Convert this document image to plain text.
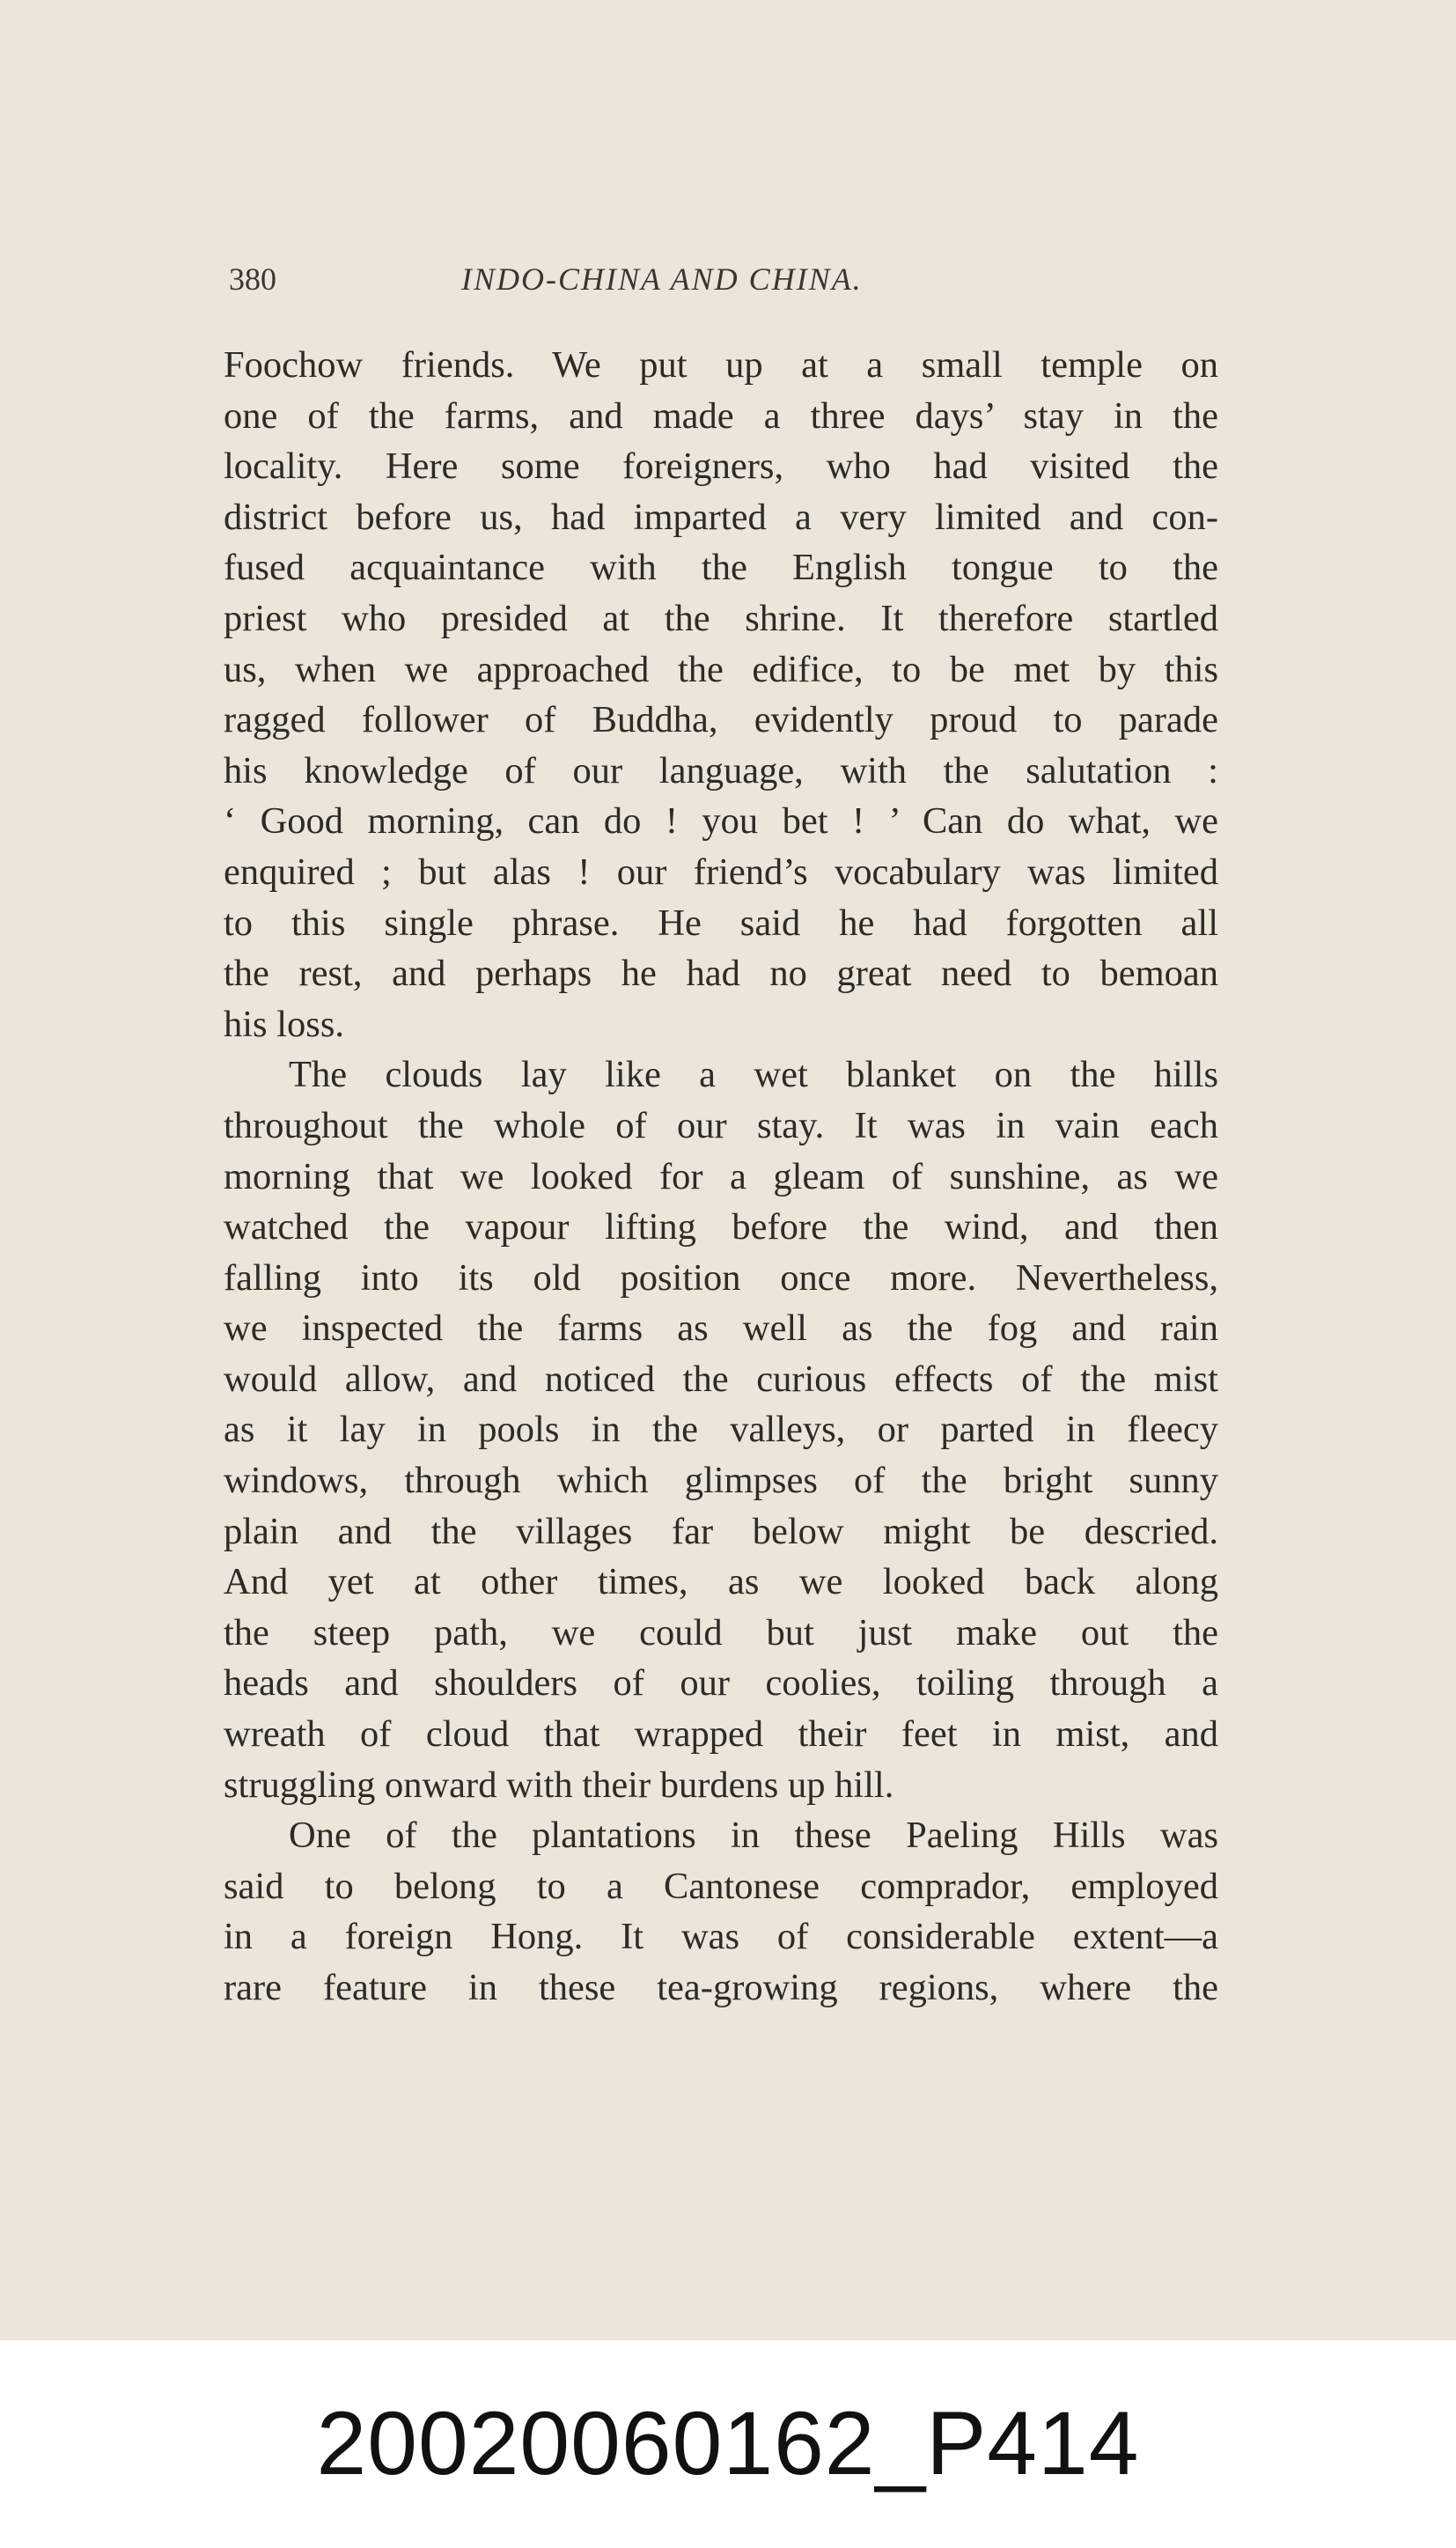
380	INDO-CHINA AND CHINA.

Foochow friends. We put up at a small temple on

one of the farms, and made a three days’ stay in the

locality. Here some foreigners, who had visited the

district before us, had imparted a very limited and con-

fused acquaintance with the English tongue to the

priest who presided at the shrine. It therefore startled

us, when we approached the edifice, to be met by this

ragged follower of Buddha, evidently proud to parade

his knowledge of our language, with the salutation :

‘ Good morning, can do ! you bet ! ’ Can do what, we

enquired ; but alas ! our friend’s vocabulary was limited

to this single phrase. He said he had forgotten all

the rest, and perhaps he had no great need to bemoan

his loss.

The clouds lay like a wet blanket on the hills

throughout the whole of our stay. It was in vain each

morning that we looked for a gleam of sunshine, as we

watched the vapour lifting before the wind, and then

falling into its old position once more. Nevertheless,

we inspected the farms as well as the fog and rain

would allow, and noticed the curious effects of the mist

as it lay in pools in the valleys, or parted in fleecy

windows, through which glimpses of the bright sunny

plain and the villages far below might be descried.

And yet at other times, as we looked back along

the steep path, we could but just make out the

heads and shoulders of our coolies, toiling through a

wreath of cloud that wrapped their feet in mist, and

struggling onward with their burdens up hill.

One of the plantations in these Paeling Hills was

said to belong to a Cantonese comprador, employed

in a foreign Hong. It was of considerable extent—a

rare feature in these tea-growing regions, where the

20020060162_P414
